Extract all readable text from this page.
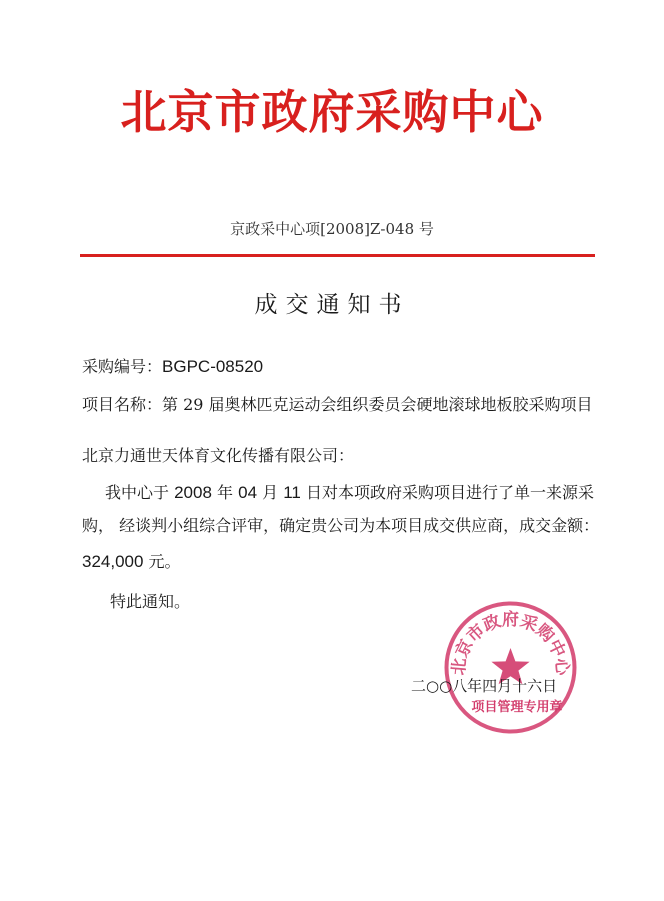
北京市政府采购中心
京政采中心项[2008]Z-048 号
成交通知书
采购编号：BGPC-08520
项目名称：第 29 届奥林匹克运动会组织委员会硬地滚球地板胶采购项目
北京力通世天体育文化传播有限公司：
我中心于 2008 年 04 月 11 日对本项政府采购项目进行了单一来源采
购， 经谈判小组综合评审，确定贵公司为本项目成交供应商，成交金额：
324,000 元。
特此通知。
北京市政府采购中心
项目管理专用章
二○○八年四月十六日
